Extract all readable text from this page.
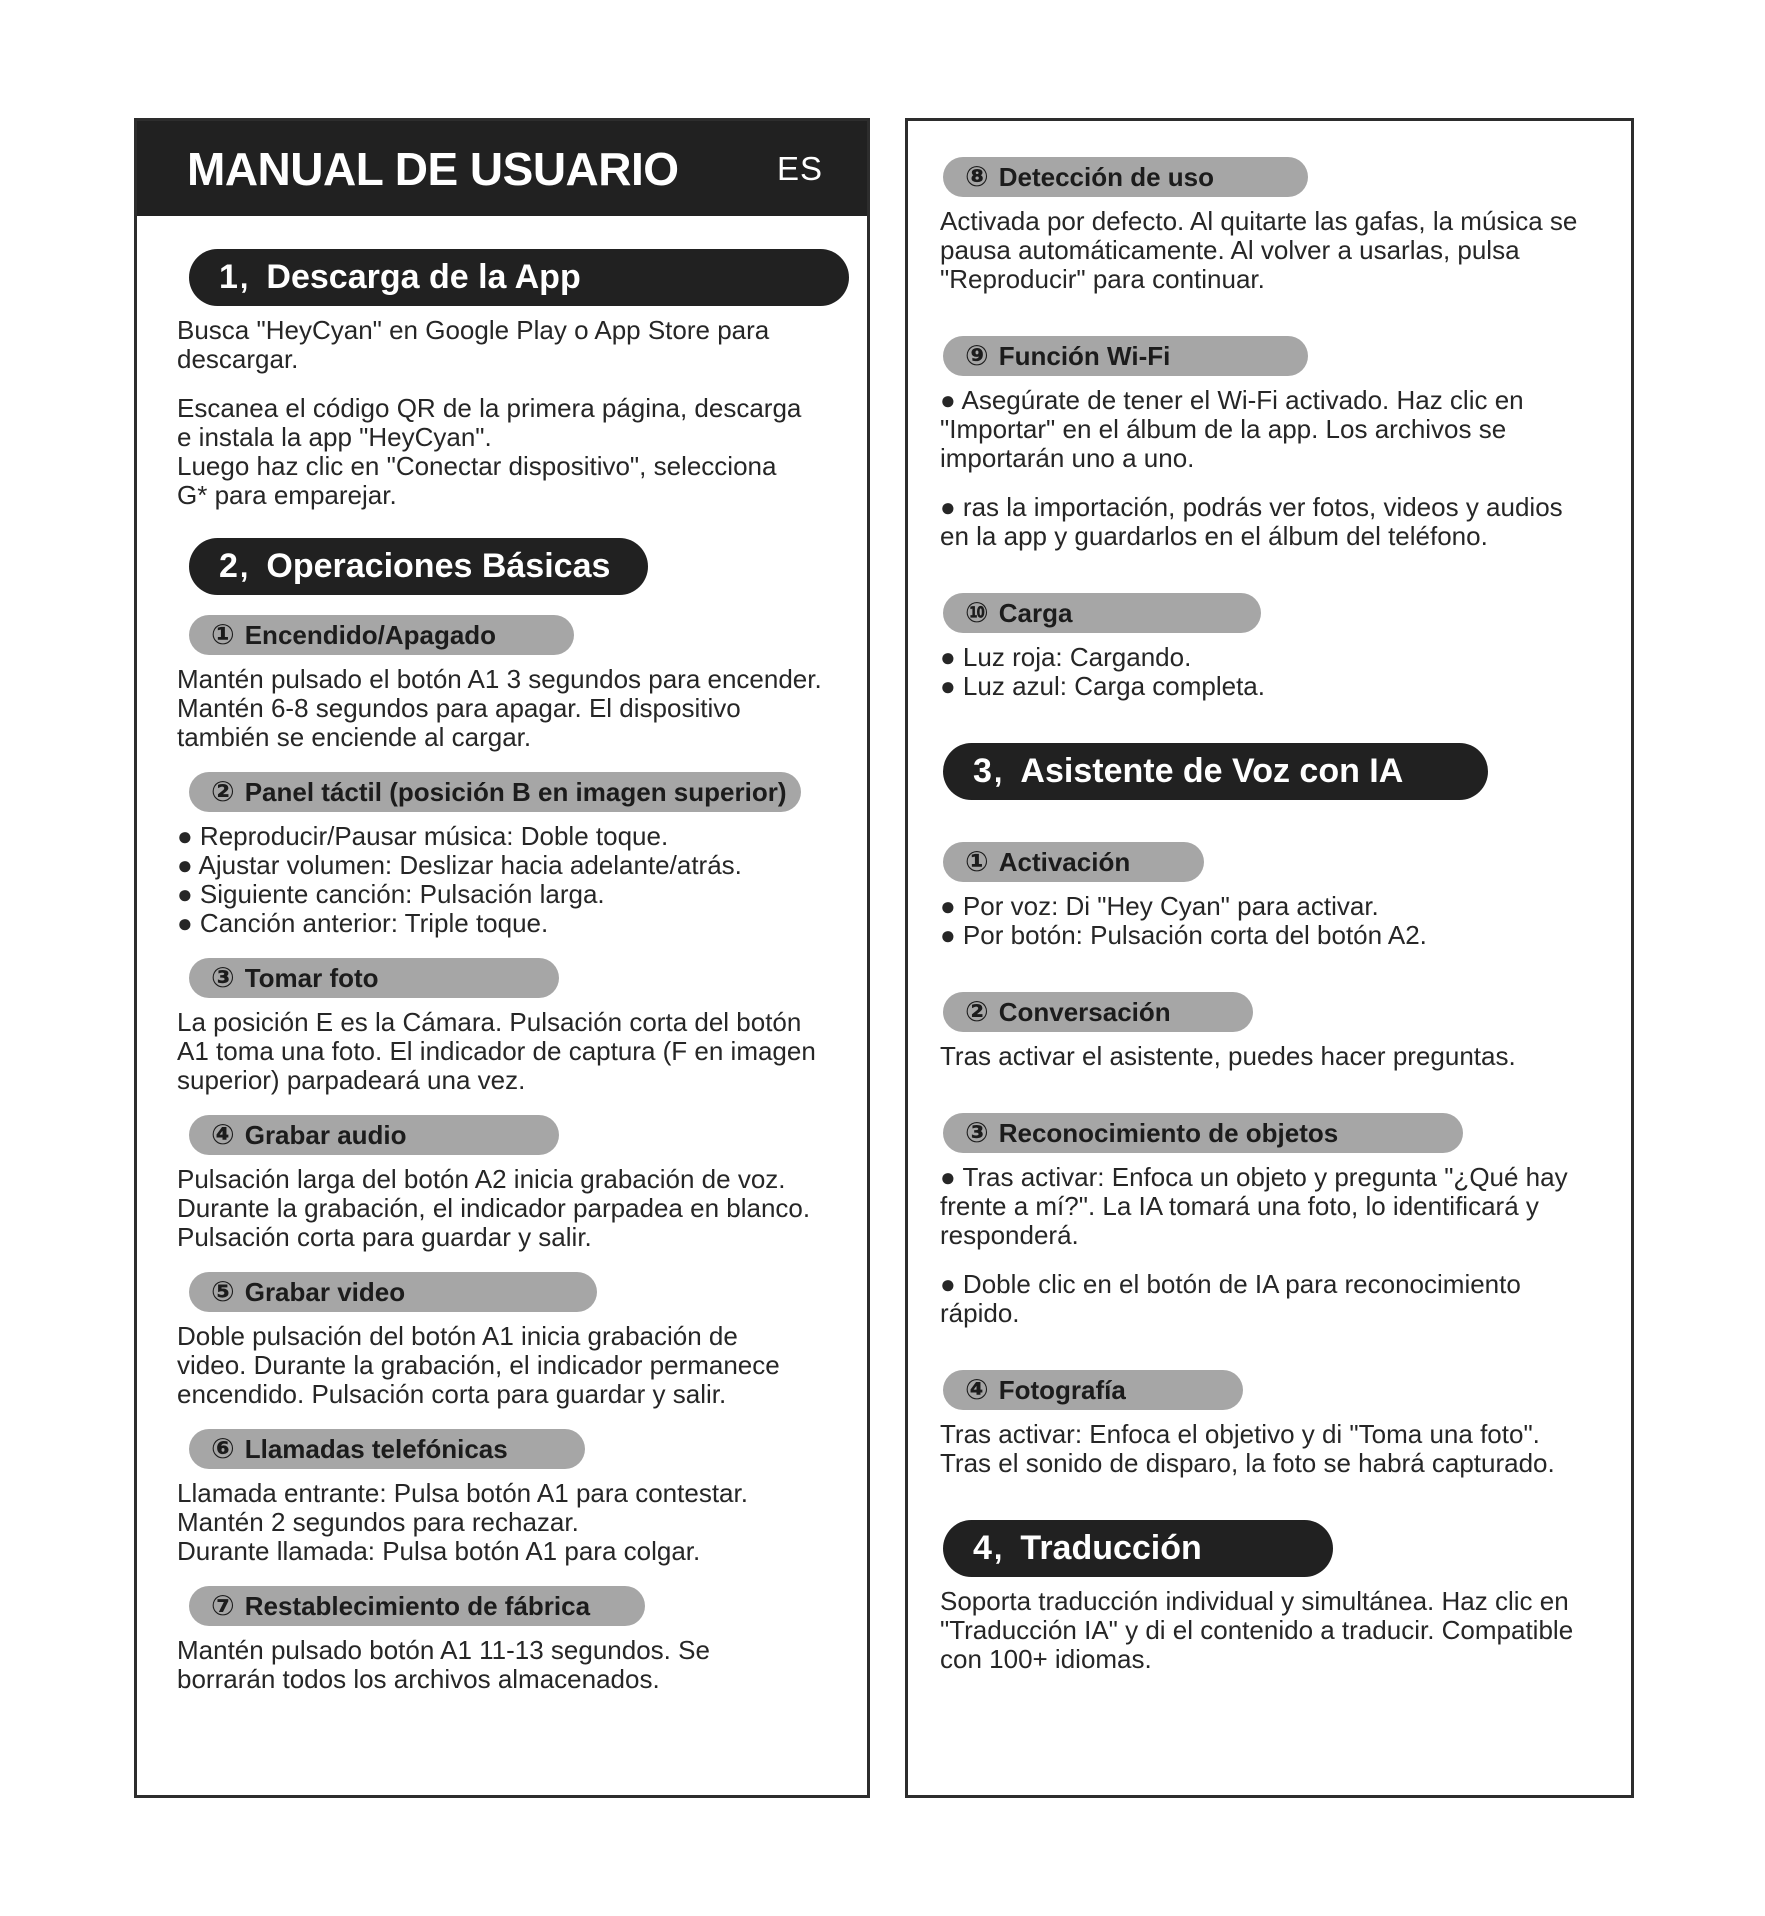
MANUAL DE USUARIO	ES
1 , Descarga de la App

Busca "HeyCyan" en Google Play o App Store para
descargar.

Escanea el código QR de la primera página, descarga
e instala la app "HeyCyan".
Luego haz clic en "Conectar dispositivo", selecciona
G* para emparejar.

2 , Operaciones Básicas
① Encendido/Apagado

Mantén pulsado el botón A1 3 segundos para encender.
Mantén 6-8 segundos para apagar. El dispositivo
también se enciende al cargar.

② Panel táctil (posición B en imagen superior)

● Reproducir/Pausar música: Doble toque.
● Ajustar volumen: Deslizar hacia adelante/atrás.
● Siguiente canción: Pulsación larga.
● Canción anterior: Triple toque.

③ Tomar foto

La posición E es la Cámara. Pulsación corta del botón
A1 toma una foto. El indicador de captura (F en imagen
superior) parpadeará una vez.

④ Grabar audio

Pulsación larga del botón A2 inicia grabación de voz.
Durante la grabación, el indicador parpadea en blanco.
Pulsación corta para guardar y salir.

⑤ Grabar video

Doble pulsación del botón A1 inicia grabación de
video. Durante la grabación, el indicador permanece
encendido. Pulsación corta para guardar y salir.

⑥ Llamadas telefónicas

Llamada entrante: Pulsa botón A1 para contestar.
Mantén 2 segundos para rechazar.
Durante llamada: Pulsa botón A1 para colgar.

⑦ Restablecimiento de fábrica

Mantén pulsado botón A1 11-13 segundos. Se
borrarán todos los archivos almacenados.

⑧ Detección de uso

Activada por defecto. Al quitarte las gafas, la música se
pausa automáticamente. Al volver a usarlas, pulsa
"Reproducir" para continuar.

⑨ Función Wi-Fi

● Asegúrate de tener el Wi-Fi activado. Haz clic en
"Importar" en el álbum de la app. Los archivos se
importarán uno a uno.

● ras la importación, podrás ver fotos, videos y audios
en la app y guardarlos en el álbum del teléfono.

⑩ Carga

● Luz roja: Cargando.
● Luz azul: Carga completa.

3 , Asistente de Voz con IA
① Activación

● Por voz: Di "Hey Cyan" para activar.
● Por botón: Pulsación corta del botón A2.

② Conversación

Tras activar el asistente, puedes hacer preguntas.

③ Reconocimiento de objetos

● Tras activar: Enfoca un objeto y pregunta "¿Qué hay
frente a mí?". La IA tomará una foto, lo identificará y
responderá.

● Doble clic en el botón de IA para reconocimiento rápido.

④ Fotografía

Tras activar: Enfoca el objetivo y di "Toma una foto".
Tras el sonido de disparo, la foto se habrá capturado.

4 , Traducción

Soporta traducción individual y simultánea. Haz clic en
"Traducción IA" y di el contenido a traducir. Compatible
con 100+ idiomas.
